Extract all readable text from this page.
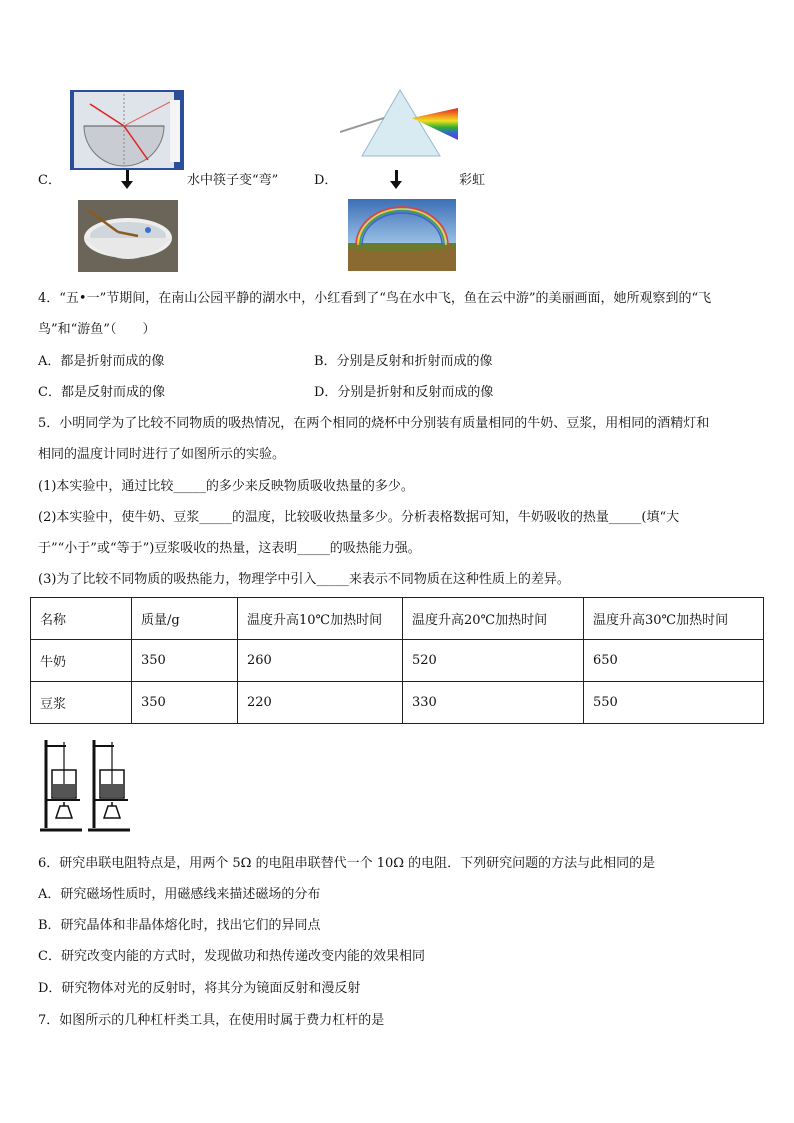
C．	水中筷子变“弯”	D．	彩虹
4．“五•一”节期间，在南山公园平静的湖水中，小红看到了“鸟在水中飞，鱼在云中游”的美丽画面，她所观察到的“飞
鸟”和“游鱼”（　　）
A．都是折射而成的像	B．分别是反射和折射而成的像
C．都是反射而成的像	D．分别是折射和反射而成的像
5．小明同学为了比较不同物质的吸热情况，在两个相同的烧杯中分别装有质量相同的牛奶、豆浆，用相同的酒精灯和
相同的温度计同时进行了如图所示的实验。
(1)本实验中，通过比较_____的多少来反映物质吸收热量的多少。
(2)本实验中，使牛奶、豆浆_____的温度，比较吸收热量多少。分析表格数据可知，牛奶吸收的热量_____(填“大
于”“小于”或“等于”)豆浆吸收的热量，这表明_____的吸热能力强。
(3)为了比较不同物质的吸热能力，物理学中引入_____来表示不同物质在这种性质上的差异。
名称	质量/g	温度升高10℃加热时间	温度升高20℃加热时间	温度升高30℃加热时间
牛奶	350	260	520	650
豆浆	350	220	330	550
6．研究串联电阻特点是，用两个 5Ω 的电阻串联替代一个 10Ω 的电阻．下列研究问题的方法与此相同的是
A．研究磁场性质时，用磁感线来描述磁场的分布
B．研究晶体和非晶体熔化时，找出它们的异同点
C．研究改变内能的方式时，发现做功和热传递改变内能的效果相同
D．研究物体对光的反射时，将其分为镜面反射和漫反射
7．如图所示的几种杠杆类工具，在使用时属于费力杠杆的是
